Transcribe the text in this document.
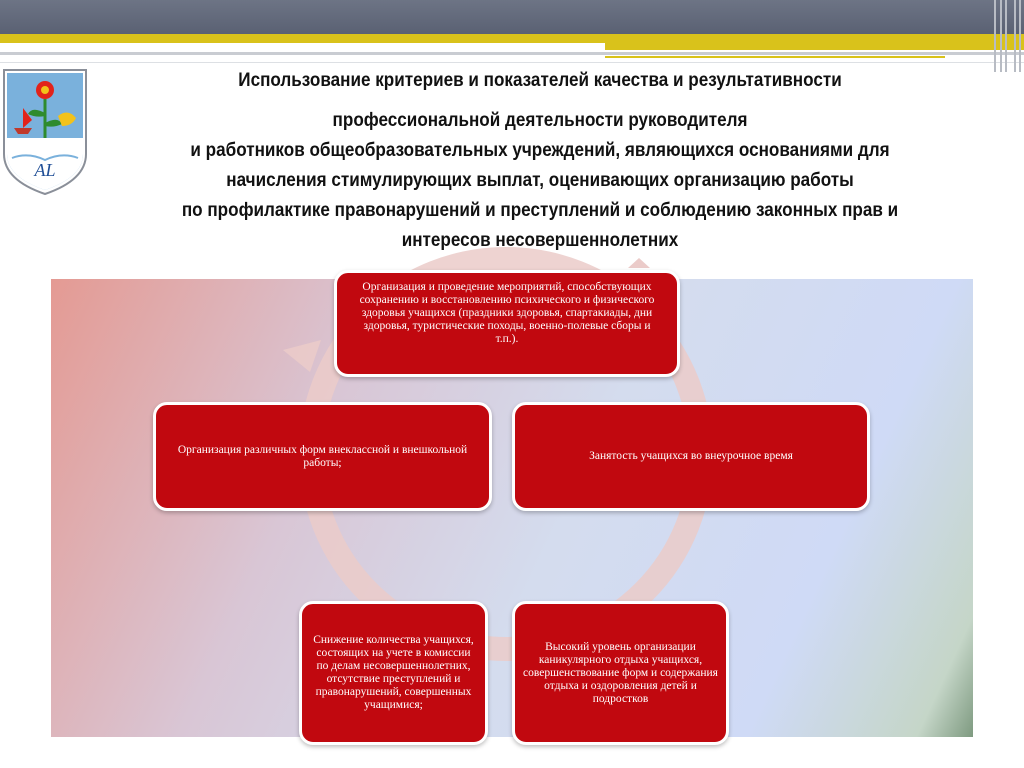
AL
Использование критериев и показателей качества и результативности
профессиональной деятельности руководителя
и работников общеобразовательных учреждений, являющихся основаниями для
начисления стимулирующих выплат, оценивающих организацию работы
по профилактике правонарушений и преступлений и соблюдению законных прав и
интересов несовершеннолетних
Организация и проведение мероприятий, способствующих сохранению и восстановлению психического и физического здоровья учащихся (праздники здоровья, спартакиады, дни здоровья, туристические походы, военно-полевые сборы и т.п.).
Организация различных форм внеклассной и внешкольной работы;
Занятость учащихся во внеурочное время
Снижение количества учащихся, состоящих на учете в комиссии по делам несовершеннолетних, отсутствие преступлений и правонарушений, совершенных учащимися;
Высокий уровень организации каникулярного отдыха учащихся, совершенствование форм и содержания отдыха и оздоровления детей и подростков
